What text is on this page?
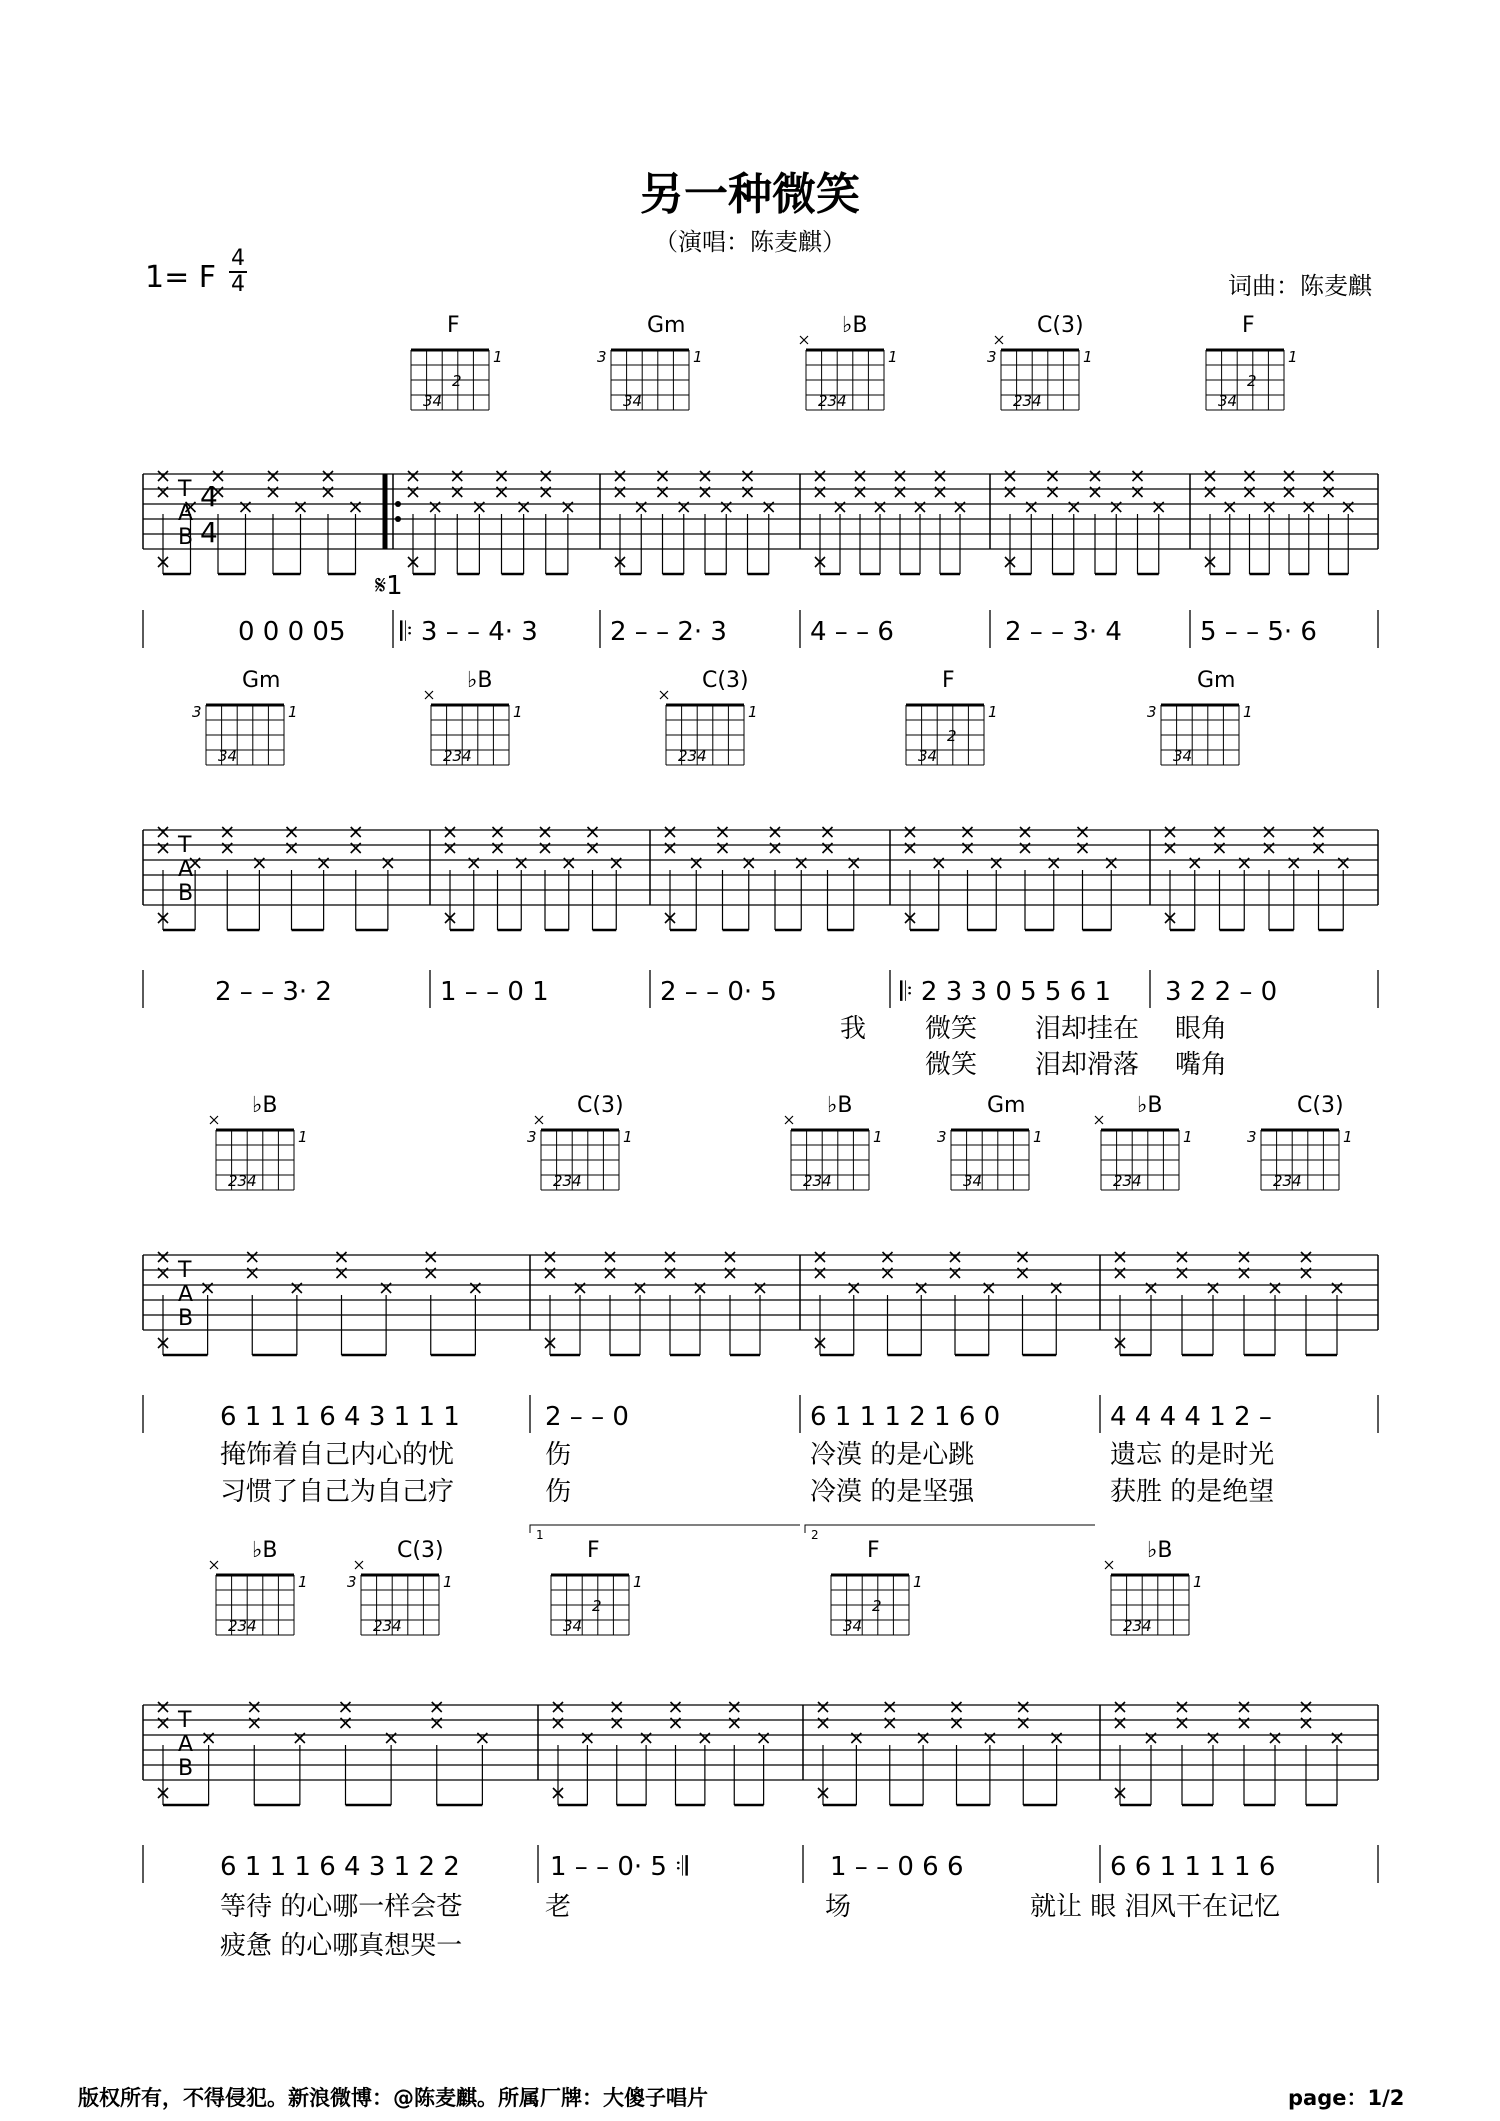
另一种微笑
（演唱：陈麦麒）
1= F
4
4	词曲：陈麦麒
T
A
B
4
4
𝄋1
F
1
2
34
Gm
1
3
34
♭B
1
234
C(3)
1
3
234
F
1
2
34
0 0 0 05 𝄆 3 – – 4· 3	2 – – 2· 3	4 – – 6	2 – – 3· 4	5 – – 5· 6
T
A
B
Gm
1
3
34
♭B
1
234
C(3)
1
234
F
1
2
34
Gm
1
3
34
2 – – 3· 2	1 – – 0 1	2 – – 0· 5	𝄆 2 3 3 0 5 5 6 1 3 2 2 – 0
我 微笑 泪却挂在 眼角
微笑 泪却滑落 嘴角
T
A
B
♭B
1
234
C(3)
1
3
234
♭B
1
234
Gm
1
3
34
♭B
1
234
C(3)
1
3
234
6 1 1 1 6 4 3 1 1 1	2 – – 0	6 1 1 1 2 1 6 0	4 4 4 4 1 2 –
掩饰着自己内心的忧	伤	冷漠 的是心跳	遗忘 的是时光
习惯了自己为自己疗	伤	冷漠 的是坚强	获胜 的是绝望
T
A
B
♭B
1
234
C(3)
1
3
234
F
1
2
34
F
1
2
34
♭B
1
234
6 1 1 1 6 4 3 1 2 2	1 – – 0· 5 𝄇	1 – – 0 6 6	6 6 1 1 1 1 6
等待 的心哪一样会苍	老	场	就让 眼 泪 风干在记忆
疲惫 的心哪真想哭一
1	2
版权所有，不得侵犯。新浪微博：@陈麦麒。所属厂牌：大傻子唱片	page：1/2
